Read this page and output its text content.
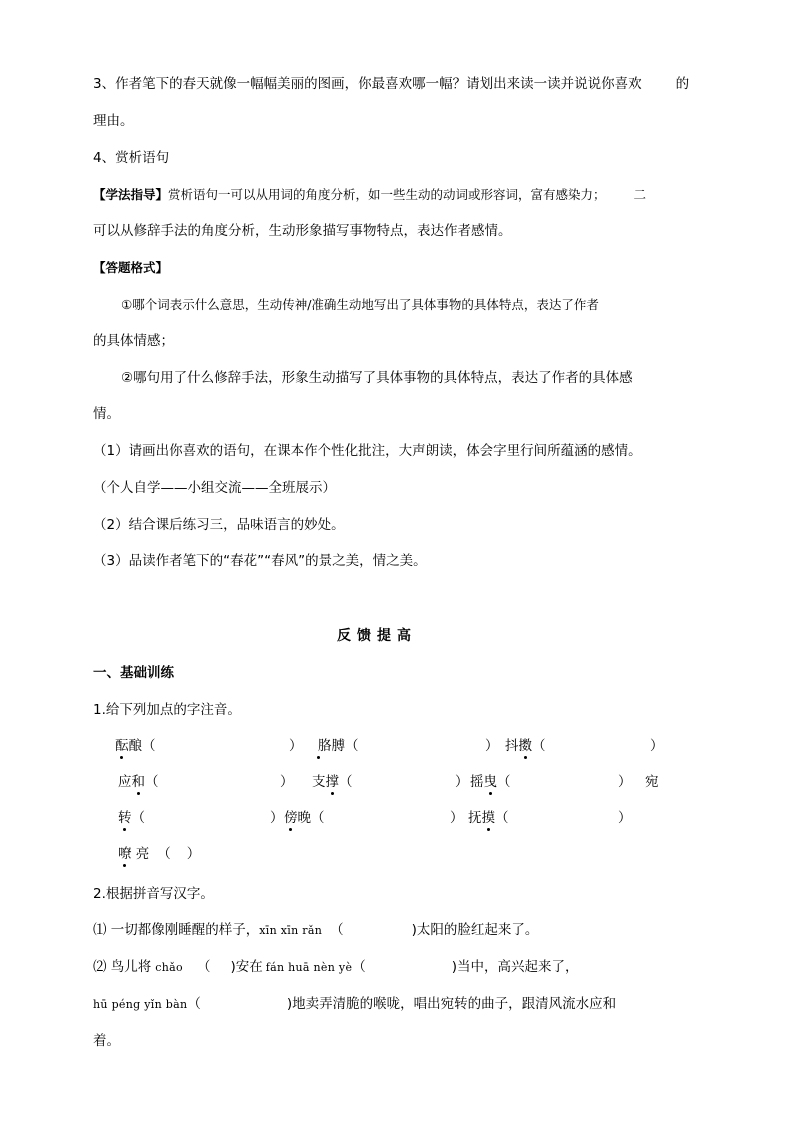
3、作者笔下的春天就像一幅幅美丽的图画，你最喜欢哪一幅？请划出来读一读并说说你喜欢	的
理由。
4、赏析语句
【学法指导】赏析语句一可以从用词的角度分析，如一些生动的动词或形容词，富有感染力； 二
可以从修辞手法的角度分析，生动形象描写事物特点，表达作者感情。
【答题格式】
①哪个词表示什么意思，生动传神/准确生动地写出了具体事物的具体特点，表达了作者
的具体情感；
②哪句用了什么修辞手法，形象生动描写了具体事物的具体特点，表达了作者的具体感
情。
（1）请画出你喜欢的语句，在课本作个性化批注，大声朗读，体会字里行间所蕴涵的感情。
（个人自学——小组交流——全班展示）
（2）结合课后练习三，品味语言的妙处。
（3）品读作者笔下的“春花”“春风”的景之美，情之美。
反馈提高
一、基础训练
1.给下列加点的字注音。
酝酿（	） 胳膊（	） 抖擞（	）
应和（	） 支撑（	） 摇曳（	） 宛
转（	） 傍晚（	） 抚摸（	）
嘹 亮 （ ）
2.根据拼音写汉字。
⑴ 一切都像刚睡醒的样子，xīn xīn rǎn （	)太阳的脸红起来了。
⑵ 鸟儿将 chǎo （ )安在 fán huā nèn yè（	)当中，高兴起来了，
hū péng yǐn bàn（	)地卖弄清脆的喉咙，唱出宛转的曲子，跟清风流水应和
着。
